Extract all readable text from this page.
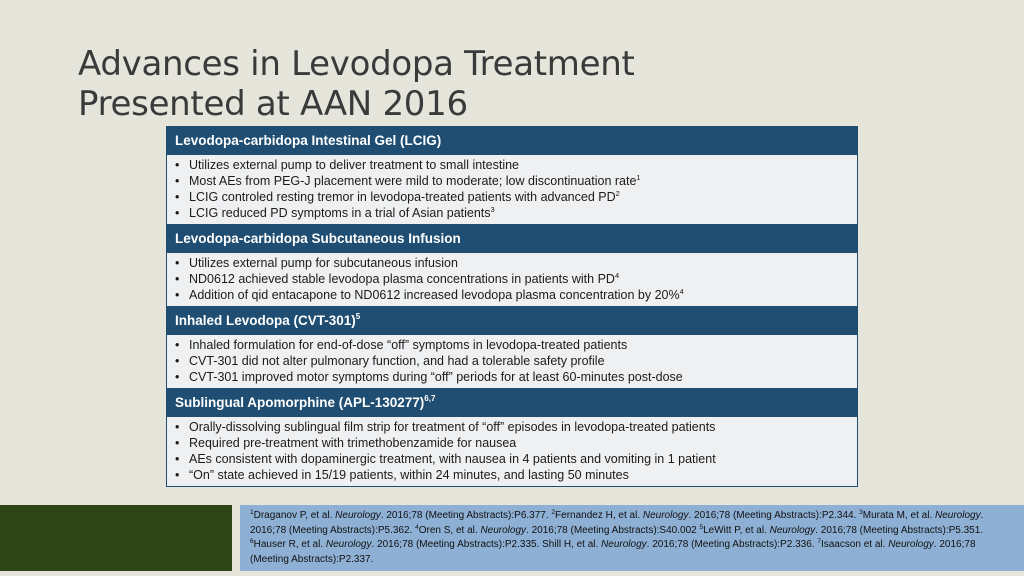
Advances in Levodopa Treatment
Presented at AAN 2016
Levodopa-carbidopa Intestinal Gel (LCIG)
• Utilizes external pump to deliver treatment to small intestine
• Most AEs from PEG-J placement were mild to moderate; low discontinuation rate$^1$
• LCIG controled resting tremor in levodopa-treated patients with advanced $PD^2$
• LCIG reduced PD symptoms in a trial of Asian patients$^3$
Levodopa-carbidopa Subcutaneous Infusion
• Utilizes external pump for subcutaneous infusion
• ND0612 achieved stable levodopa plasma concentrations in patients with $PD^4$
• Addition of qid entacapone to ND0612 increased levodopa plasma concentration by 20%$^4$
Inhaled Levodopa $(CVT-301)^5$
• Inhaled formulation for end-of-dose “off” symptoms in levodopa-treated patients
• CVT-301 did not alter pulmonary function, and had a tolerable safety profile
• CVT-301 improved motor symptoms during “off” periods for at least 60-minutes post-dose
Sublingual Apomorphine $(APL-130277)^{6,7}$
• Orally-dissolving sublingual film strip for treatment of “off” episodes in levodopa-treated patients
• Required pre-treatment with trimethobenzamide for nausea
• AEs consistent with dopaminergic treatment, with nausea in 4 patients and vomiting in 1 patient
• “On” state achieved in 15/19 patients, within 24 minutes, and lasting 50 minutes

$^1$Draganov P, et al. Neurology. 2016;78 (Meeting Abstracts):P6.377. $^2$Fernandez H, et al. Neurology. 2016;78 (Meeting Abstracts):P2.344. $^3$Murata M, et al. Neurology. 2016;78 (Meeting Abstracts):P5.362. $^4$Oren S, et al. Neurology. 2016;78 (Meeting Abstracts):S40.002 $^5$LeWitt P, et al. Neurology. 2016;78 (Meeting Abstracts):P5.351. $^6$Hauser R, et al. Neurology. 2016;78 (Meeting Abstracts):P2.335. Shill H, et al. Neurology. 2016;78 (Meeting Abstracts):P2.336. $^7$Isaacson et al. Neurology. 2016;78 (Meeting Abstracts):P2.337.
